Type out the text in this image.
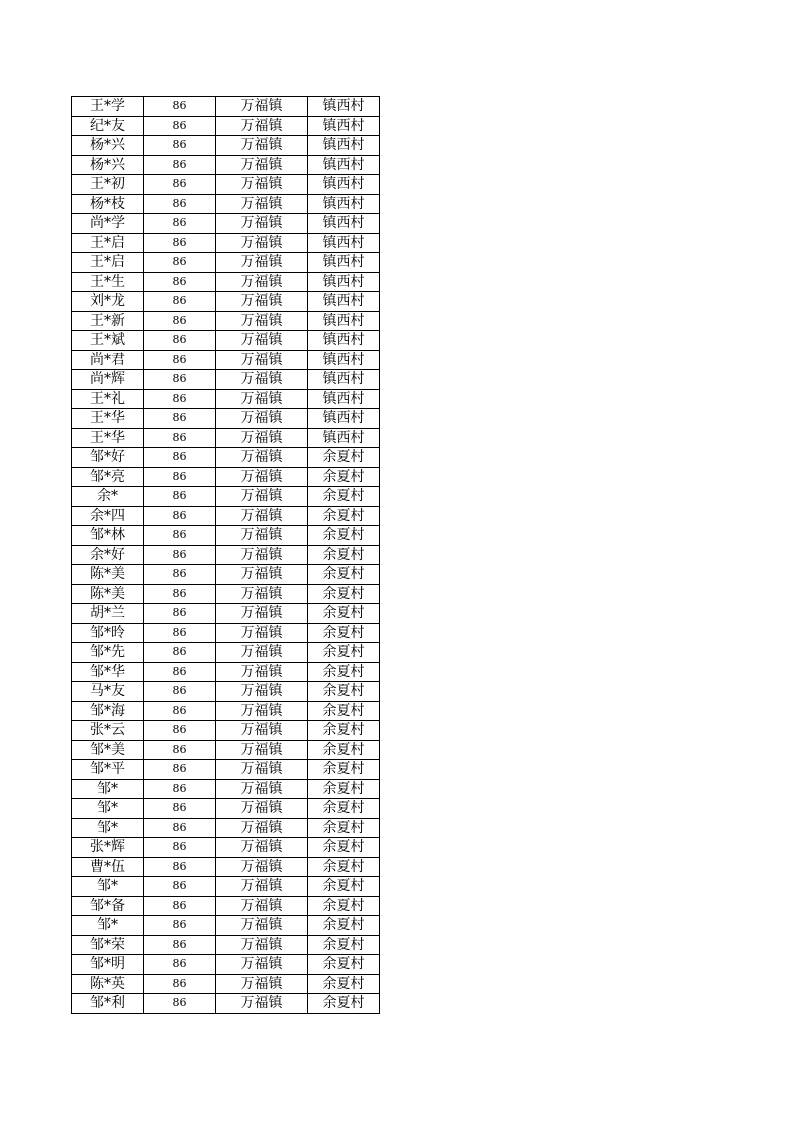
王*学	86	万福镇	镇西村
纪*友	86	万福镇	镇西村
杨*兴	86	万福镇	镇西村
杨*兴	86	万福镇	镇西村
王*初	86	万福镇	镇西村
杨*枝	86	万福镇	镇西村
尚*学	86	万福镇	镇西村
王*启	86	万福镇	镇西村
王*启	86	万福镇	镇西村
王*生	86	万福镇	镇西村
刘*龙	86	万福镇	镇西村
王*新	86	万福镇	镇西村
王*斌	86	万福镇	镇西村
尚*君	86	万福镇	镇西村
尚*辉	86	万福镇	镇西村
王*礼	86	万福镇	镇西村
王*华	86	万福镇	镇西村
王*华	86	万福镇	镇西村
邹*好	86	万福镇	余夏村
邹*亮	86	万福镇	余夏村
余*	86	万福镇	余夏村
余*四	86	万福镇	余夏村
邹*林	86	万福镇	余夏村
余*好	86	万福镇	余夏村
陈*美	86	万福镇	余夏村
陈*美	86	万福镇	余夏村
胡*兰	86	万福镇	余夏村
邹*昤	86	万福镇	余夏村
邹*先	86	万福镇	余夏村
邹*华	86	万福镇	余夏村
马*友	86	万福镇	余夏村
邹*海	86	万福镇	余夏村
张*云	86	万福镇	余夏村
邹*美	86	万福镇	余夏村
邹*平	86	万福镇	余夏村
邹*	86	万福镇	余夏村
邹*	86	万福镇	余夏村
邹*	86	万福镇	余夏村
张*辉	86	万福镇	余夏村
曹*伍	86	万福镇	余夏村
邹*	86	万福镇	余夏村
邹*备	86	万福镇	余夏村
邹*	86	万福镇	余夏村
邹*荣	86	万福镇	余夏村
邹*明	86	万福镇	余夏村
陈*英	86	万福镇	余夏村
邹*利	86	万福镇	余夏村
